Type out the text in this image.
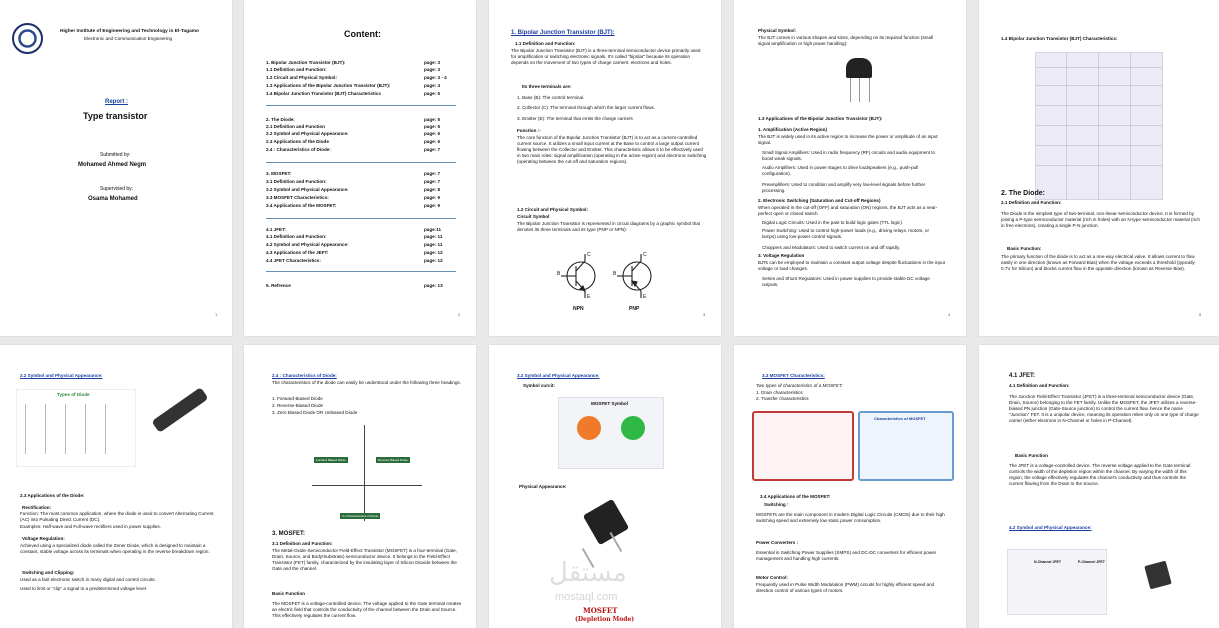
Higher Institute of Engineering and Technology in El-Tagamo
Electronic and Communication Engineering
Report :
Type transistor
Submitted by:
Mohamed Ahmed Negm
Supervised by:
Osama Mohamed
1
Content:
1. Bipolar Junction Transistor (BJT):	page: 3
1.1 Definition and Function:	page: 3
1.2 Circuit and Physical Symbol:	page: 3 - 4
1.3 Applications of the Bipolar Junction Transistor (BJT):	page: 4
1.4 Bipolar Junction Transistor (BJT) Characteristics	page: 5
2. The Diode:	page: 5
2.1 Definition and Function	page: 5
2.2 Symbol and Physical Appearance:	page: 6
2.3 Applications of the Diode	page: 6
2.4 : Characteristics of Diode:	page: 7
3. MOSFET:	page: 7
3.1 Definition and Function:	page: 7
3.2 Symbol and Physical Appearance:	page: 8
3.3 MOSFET Characteristics:	page: 9
3.4 Applications of the MOSFET:	page: 9
4.1 JFET:	page:11
4.1 Definition and Function:	page: 11
4.2 Symbol and Physical Appearance:	page: 11
4.3 Applications of the JEFT:	page: 12
4.4 JFET Characteristics:	page: 12
5. Refrence	page: 13
2
1. Bipolar Junction Transistor (BJT):
1.1 Definition and Function:
The Bipolar Junction Transistor (BJT) is a three-terminal semiconductor device primarily used for amplification or switching electronic signals. It's called "bipolar" because its operation depends on the movement of two types of charge carriers: electrons and holes.
Its three terminals are:
1. Base (B): The control terminal.
2. Collector (C): The terminal through which the larger current flows.
3. Emitter (E): The terminal that emits the charge carriers
Function :-
The core function of the Bipolar Junction Transistor (BJT) is to act as a current-controlled current source. It utilizes a small input current at the Base to control a large output current flowing between the Collector and Emitter. This characteristic allows it to be effectively used in two main roles: signal amplification (operating in the active region) and electronic switching (operating between the cut-off and saturation regions).
1.2 Circuit and Physical Symbol:
Circuit Symbol
The Bipolar Junction Transistor is represented in circuit diagrams by a graphic symbol that denotes its three terminals and its type (PNP or NPN):
B
C
E
B
C
E
NPN	PNP
3
Physical Symbol:
The BJT comes in various shapes and sizes, depending on its required function (small signal amplification or high power handling):
1.3 Applications of the Bipolar Junction Transistor (BJT):
1. Amplification (Active Region)
The BJT is widely used in its active region to increase the power or amplitude of an input signal.
Small Signal Amplifiers: Used in radio frequency (RF) circuits and audio equipment to boost weak signals.
Audio Amplifiers: Used in power stages to drive loudspeakers (e.g., push-pull configuration).
Preamplifiers: Used to condition and amplify very low-level signals before further processing.
2. Electronic Switching (Saturation and Cut-off Regions)
When operated in the cut-off (OFF) and saturation (ON) regions, the BJT acts as a near-perfect open or closed switch.
Digital Logic Circuits: Used in the past to build logic gates (TTL logic).
Power Switching: Used to control high-power loads (e.g., driving relays, motors, or lamps) using low-power control signals.
Choppers and Modulators: Used to switch current on and off rapidly.
3. Voltage Regulation
BJTs can be employed to maintain a constant output voltage despite fluctuations in the input voltage or load changes.
Series and Shunt Regulators: Used in power supplies to provide stable DC voltage outputs.
4
1.4 Bipolar Junction Transistor (BJT) Characteristics:
2. The Diode:
2.1 Definition and Function:
The Diode is the simplest type of two-terminal, non-linear semiconductor device. It is formed by joining a P-type semiconductor material (rich in holes) with an N-type semiconductor material (rich in free electrons), creating a single P-N junction.
Basic Function:
The primary function of the diode is to act as a one-way electrical valve. It allows current to flow easily in one direction (known as Forward Bias) when the voltage exceeds a threshold (typically 0.7V for Silicon) and blocks current flow in the opposite direction (known as Reverse Bias).
5
2.2 Symbol and Physical Appearance:
Types of Diode
2.3 Applications of the Diode:
Rectification:
Function: The most common application, where the diode is used to convert Alternating Current (AC) into Pulsating Direct Current (DC).
Examples: Half-wave and Full-wave rectifiers used in power supplies.
Voltage Regulation:
Achieved using a specialized diode called the Zener Diode, which is designed to maintain a constant, stable voltage across its terminals when operating in the reverse breakdown region.
Switching and Clipping:
Used as a fast electronic switch in many digital and control circuits.
Used to limit or "clip" a signal to a predetermined voltage level.
2.4 : Characteristics of Diode:
The characteristics of the diode can easily be understood under the following three headings.
1. Forward-Biased Diode
2. Reverse-Biased Diode
3. Zero Biased Diode OR Unbiased Diode
Forward Biased Diode	Reverse Biased Diode
V-I Characteristics of Diode
3. MOSFET:
3.1 Definition and Function:
The Metal-Oxide-Semiconductor Field-Effect Transistor (MOSFET) is a four-terminal (Gate, Drain, Source, and Body/Substrate) semiconductor device. It belongs to the Field-Effect Transistor (FET) family, characterized by the insulating layer of Silicon Dioxide between the Gate and the channel.
Basic Function
The MOSFET is a voltage-controlled device. The voltage applied to the Gate terminal creates an electric field that controls the conductivity of the channel between the Drain and Source. This effectively regulates the current flow.
3.2 Symbol and Physical Appearance:
Symbol curcit:
MOSFET Symbol
Physical Appearance:
مستقل
mostaql.com
MOSFET
(Depletion Mode)
3.3 MOSFET Characteristics:
Two types of characteristics of a MOSFET:
1. Drain characteristics
2. Transfer characteristics
Characteristics of MOSFET
3.4 Applications of the MOSFET:
Switching :
MOSFETs are the main component in modern Digital Logic Circuits (CMOS) due to their high switching speed and extremely low static power consumption.
Power Converters :
Essential in Switching Power Supplies (SMPS) and DC-DC converters for efficient power management and handling high currents.
Motor Control:
Frequently used in Pulse Width Modulation (PWM) circuits for highly efficient speed and direction control of various types of motors.
4.1 JFET:
4.1 Definition and Function:
The Junction Field-Effect Transistor (JFET) is a three-terminal semiconductor device (Gate, Drain, Source) belonging to the FET family. Unlike the MOSFET, the JFET utilizes a reverse-biased PN junction (Gate-Source junction) to control the current flow, hence the name "Junction" FET. It is a unipolar device, meaning its operation relies only on one type of charge carrier (either electrons in N-Channel or holes in P-Channel).
Basic Function
The JFET is a voltage-controlled device. The reverse voltage applied to the Gate terminal controls the width of the depletion region within the channel. By varying the width of this region, the voltage effectively regulates the channel's conductivity and thus controls the current flowing from the Drain to the Source.
4.2 Symbol and Physical Appearance:
N-Channel JFET	P-Channel JFET
